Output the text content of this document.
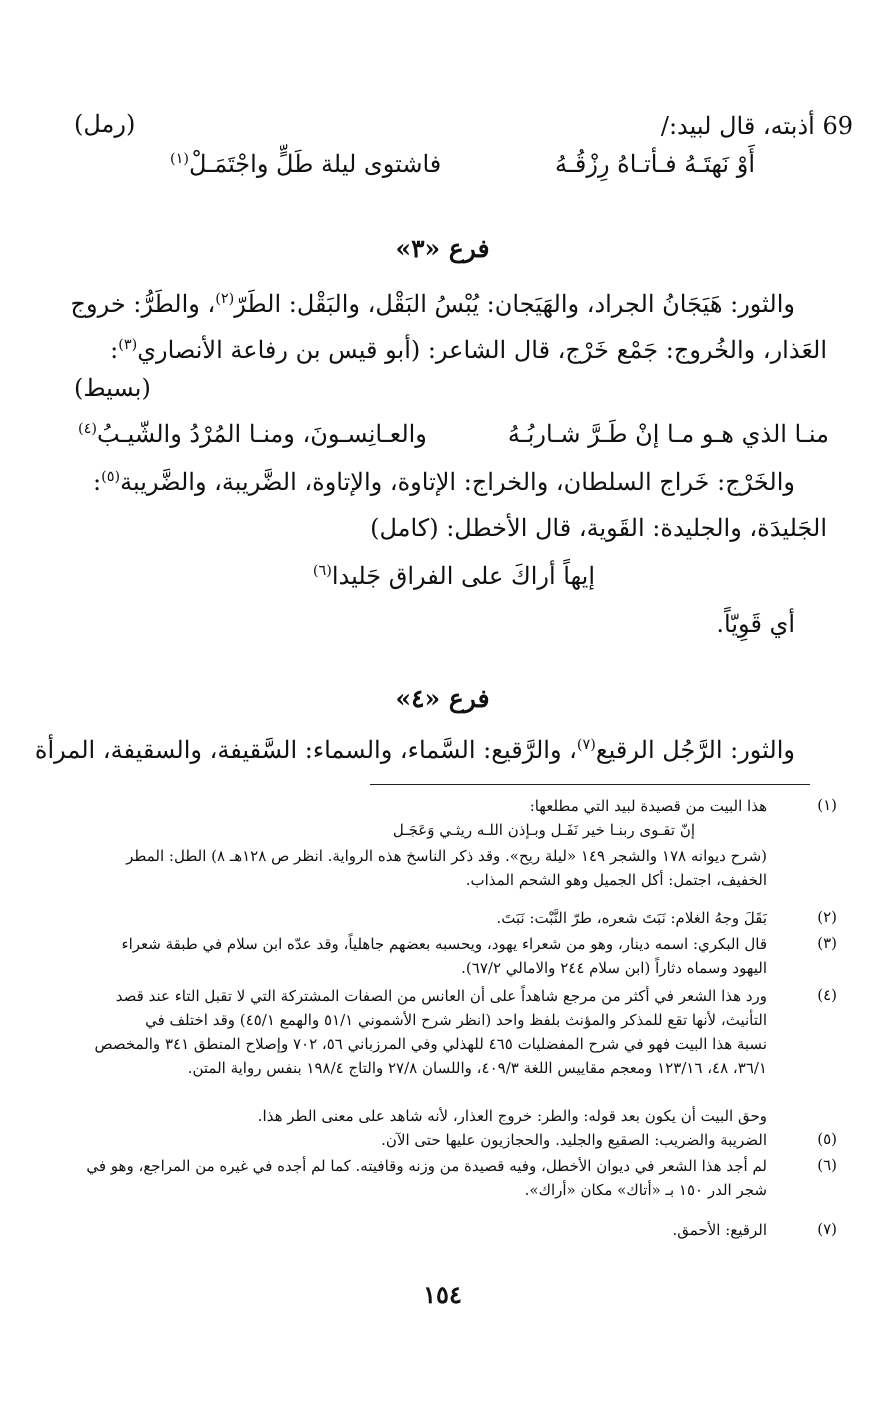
69 أذبته، قال لبيد:/
(رمل)
أَوْ نَهتَـهُ فـأتـاهُ رِزْقُـهُ
فاشتوى ليلة طَلٍّ واجْتَمَـلْ$^{(١)}$
فرع «٣»
والثور: هَيَجَانُ الجراد، والهَيَجان: يُبْسُ البَقْل، والبَقْل: الطَرّ$^{(٢)}$، والطَرُّ: خروج
العَذار، والخُروج: جَمْع خَرْج، قال الشاعر: (أبو قيس بن رفاعة الأنصاري$^{(٣)}$:
(بسيط)
منـا الذي هـو مـا إنْ طَـرَّ شـاربُـهُ
والعـانِسـونَ، ومنـا المُرْدُ والشّيـبُ$^{(٤)}$
والخَرْج: خَراج السلطان، والخراج: الإتاوة، والإتاوة، الضَّريبة، والضَّريبة$^{(٥)}$:
الجَليدَة، والجليدة: القَوية، قال الأخطل: (كامل)
إيهاً أراكَ على الفراق جَليدا$^{(٦)}$
أي قَوِيّاً.
فرع «٤»
والثور: الرَّجُل الرقيع$^{(٧)}$، والرَّقيع: السَّماء، والسماء: السَّقيفة، والسقيفة، المرأة
(١)
هذا البيت من قصيدة لبيد التي مطلعها:
إنّ تقـوى ربنـا خير نَفَـل وبـإذن اللـه ريثـي وَعَجَـل
(شرح ديوانه ١٧٨ والشجر ١٤٩ «ليلة ريح». وقد ذكر الناسخ هذه الرواية. انظر ص ١٢٨هـ ٨) الطل: المطر
الخفيف، اجتمل: أكل الجميل وهو الشحم المذاب.
(٢)
بَقَلَ وجهُ الغلام: نَبَتَ شعره، طرّ النَّبْت: نَبَتَ.
(٣)
قال البكري: اسمه دينار، وهو من شعراء يهود، ويحسبه بعضهم جاهلياً، وقد عدّه ابن سلام في طبقة شعراء
اليهود وسماه دثاراً (ابن سلام ٢٤٤ والامالي ٦٧/٢).
(٤)
ورد هذا الشعر في أكثر من مرجع شاهداً على أن العانس من الصفات المشتركة التي لا تقبل التاء عند قصد
التأنيث، لأنها تقع للمذكر والمؤنث بلفظ واحد (انظر شرح الأشموني ٥١/١ والهمع ٤٥/١) وقد اختلف في
نسبة هذا البيت فهو في شرح المفضليات ٤٦٥ للهذلي وفي المرزباني ٥٦، ٧٠٢ وإصلاح المنطق ٣٤١ والمخصص
٣٦/١، ٤٨، ١٢٣/١٦ ومعجم مقاييس اللغة ٤٠٩/٣، واللسان ٢٧/٨ والتاج ١٩٨/٤ بنفس رواية المتن.
وحق البيت أن يكون بعد قوله: والطر: خروج العذار، لأنه شاهد على معنى الطر هذا.
(٥)
الضريبة والضريب: الصقيع والجليد. والحجازيون عليها حتى الآن.
(٦)
لم أجد هذا الشعر في ديوان الأخطل، وفيه قصيدة من وزنه وقافيته. كما لم أجده في غيره من المراجع، وهو في
شجر الدر ١٥٠ بـ «أتاك» مكان «أراك».
(٧)
الرقيع: الأحمق.
١٥٤
